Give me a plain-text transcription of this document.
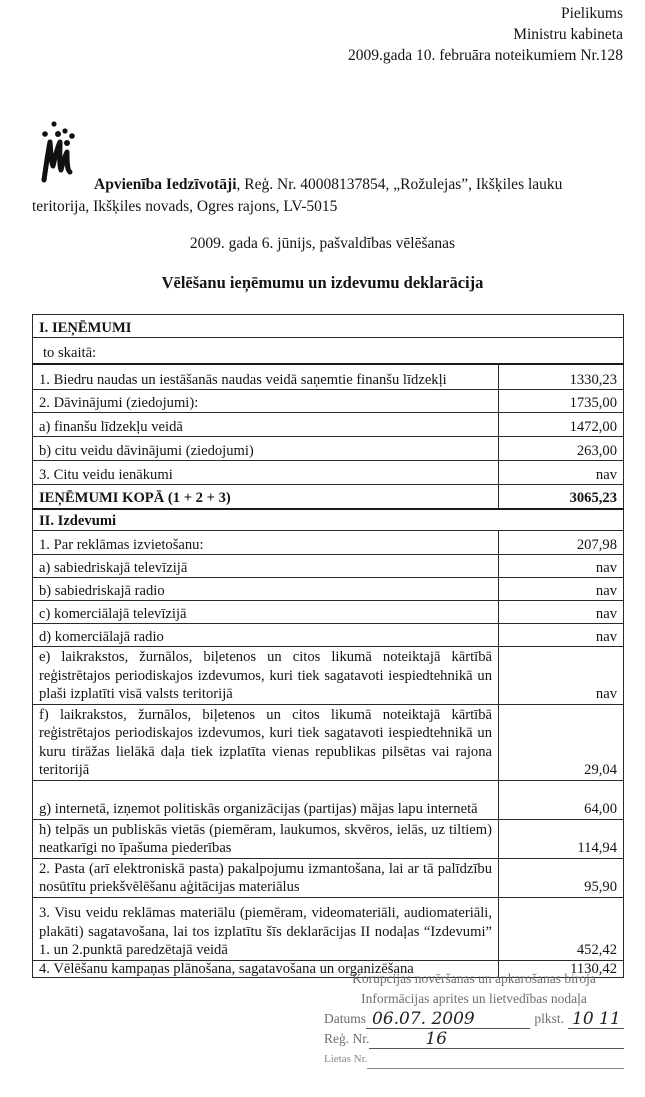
Pielikums
Ministru kabineta
2009.gada 10. februāra noteikumiem Nr.128
Apvienība Iedzīvotāji, Reģ. Nr. 40008137854, „Rožulejas”, Ikšķiles lauku
teritorija, Ikšķiles novads, Ogres rajons, LV-5015
2009. gada 6. jūnijs, pašvaldības vēlēšanas
Vēlēšanu ieņēmumu un izdevumu deklarācija
I. IEŅĒMUMI	
to skaitā:	
1. Biedru naudas un iestāšanās naudas veidā saņemtie finanšu līdzekļi	1330,23
2. Dāvinājumi (ziedojumi):	1735,00
a) finanšu līdzekļu veidā	1472,00
b) citu veidu dāvinājumi (ziedojumi)	263,00
3. Citu veidu ienākumi	nav
IEŅĒMUMI KOPĀ (1 + 2 + 3)	3065,23
II. Izdevumi	
1. Par reklāmas izvietošanu:	207,98
a) sabiedriskajā televīzijā	nav
b) sabiedriskajā radio	nav
c) komerciālajā televīzijā	nav
d) komerciālajā radio	nav
e) laikrakstos, žurnālos, biļetenos un citos likumā noteiktajā kārtībā reģistrētajos periodiskajos izdevumos, kuri tiek sagatavoti iespiedtehnikā un plaši izplatīti visā valsts teritorijā	nav
f) laikrakstos, žurnālos, biļetenos un citos likumā noteiktajā kārtībā reģistrētajos periodiskajos izdevumos, kuri tiek sagatavoti iespiedtehnikā un kuru tirāžas lielākā daļa tiek izplatīta vienas republikas pilsētas vai rajona teritorijā	29,04
g) internetā, izņemot politiskās organizācijas (partijas) mājas lapu internetā	64,00
h) telpās un publiskās vietās (piemēram, laukumos, skvēros, ielās, uz tiltiem) neatkarīgi no īpašuma piederības	114,94
2. Pasta (arī elektroniskā pasta) pakalpojumu izmantošana, lai ar tā palīdzību nosūtītu priekšvēlēšanu aģitācijas materiālus	95,90
3. Visu veidu reklāmas materiālu (piemēram, videomateriāli, audiomateriāli, plakāti) sagatavošana, lai tos izplatītu šīs deklarācijas II nodaļas “Izdevumi” 1. un 2.punktā paredzētajā veidā	452,42
4. Vēlēšanu kampaņas plānošana, sagatavošana un organizēšana	1130,42
Korupcijas novēršanas un apkarošanas biroja
Informācijas aprites un lietvedības nodaļa
Datums 06.07. 2009	plkst. 10 11
Reģ. Nr.	16
Lietas Nr.
